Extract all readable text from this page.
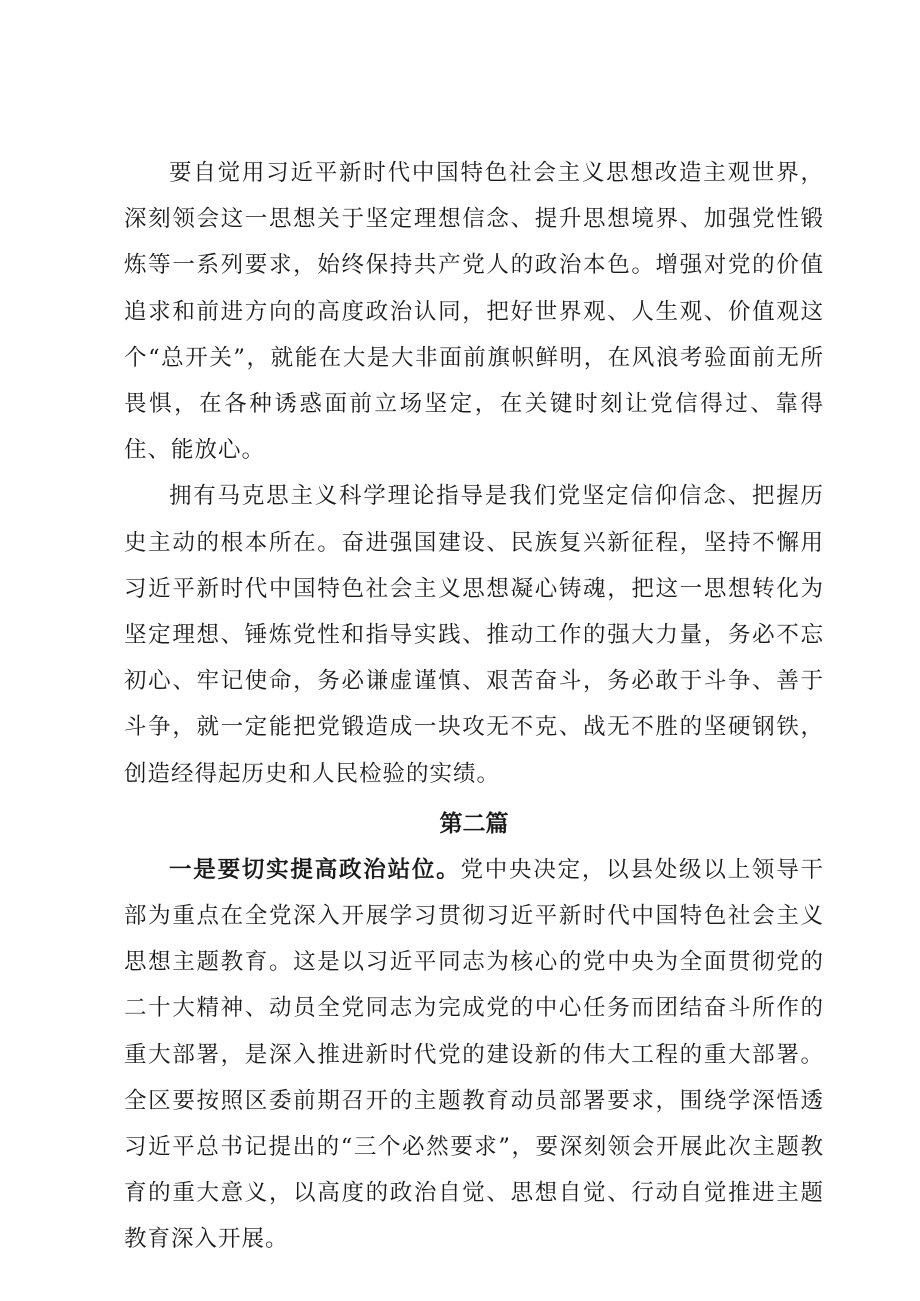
要自觉用习近平新时代中国特色社会主义思想改造主观世界，深刻领会这一思想关于坚定理想信念、提升思想境界、加强党性锻炼等一系列要求，始终保持共产党人的政治本色。增强对党的价值追求和前进方向的高度政治认同，把好世界观、人生观、价值观这个“总开关”，就能在大是大非面前旗帜鲜明，在风浪考验面前无所畏惧，在各种诱惑面前立场坚定，在关键时刻让党信得过、靠得住、能放心。

拥有马克思主义科学理论指导是我们党坚定信仰信念、把握历史主动的根本所在。奋进强国建设、民族复兴新征程，坚持不懈用习近平新时代中国特色社会主义思想凝心铸魂，把这一思想转化为坚定理想、锤炼党性和指导实践、推动工作的强大力量，务必不忘初心、牢记使命，务必谦虚谨慎、艰苦奋斗，务必敢于斗争、善于斗争，就一定能把党锻造成一块攻无不克、战无不胜的坚硬钢铁，创造经得起历史和人民检验的实绩。

第二篇

一是要切实提高政治站位。党中央决定，以县处级以上领导干部为重点在全党深入开展学习贯彻习近平新时代中国特色社会主义思想主题教育。这是以习近平同志为核心的党中央为全面贯彻党的二十大精神、动员全党同志为完成党的中心任务而团结奋斗所作的重大部署，是深入推进新时代党的建设新的伟大工程的重大部署。全区要按照区委前期召开的主题教育动员部署要求，围绕学深悟透习近平总书记提出的“三个必然要求”，要深刻领会开展此次主题教育的重大意义，以高度的政治自觉、思想自觉、行动自觉推进主题教育深入开展。
